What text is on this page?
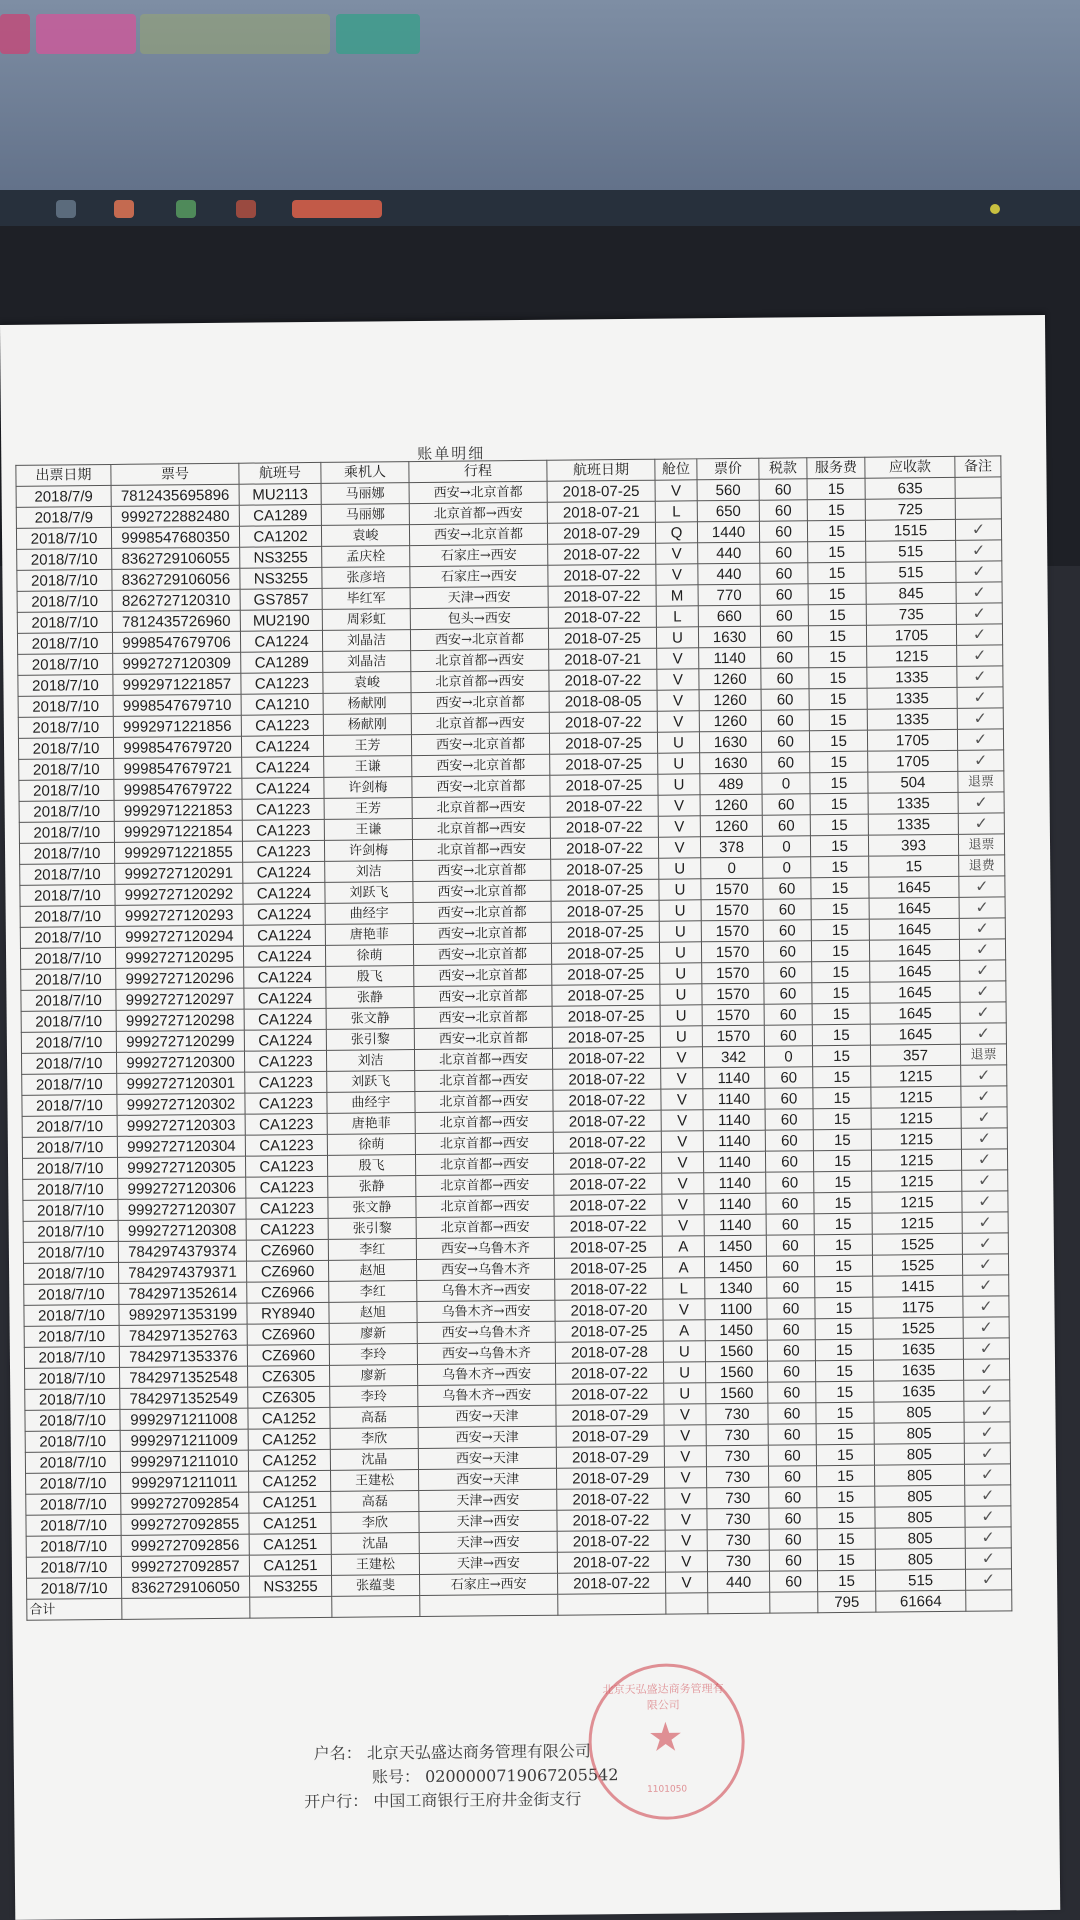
账单明细
出票日期	票号	航班号	乘机人	行程	航班日期	舱位	票价	税款	服务费	应收款	备注
2018/7/9	7812435695896	MU2113	马丽娜	西安→北京首都	2018-07-25	V	560	60	15	635	
2018/7/9	9992722882480	CA1289	马丽娜	北京首都→西安	2018-07-21	L	650	60	15	725	
2018/7/10	9998547680350	CA1202	袁峻	西安→北京首都	2018-07-29	Q	1440	60	15	1515	✓
2018/7/10	8362729106055	NS3255	孟庆栓	石家庄→西安	2018-07-22	V	440	60	15	515	✓
2018/7/10	8362729106056	NS3255	张彦培	石家庄→西安	2018-07-22	V	440	60	15	515	✓
2018/7/10	8262727120310	GS7857	毕红军	天津→西安	2018-07-22	M	770	60	15	845	✓
2018/7/10	7812435726960	MU2190	周彩虹	包头→西安	2018-07-22	L	660	60	15	735	✓
2018/7/10	9998547679706	CA1224	刘晶洁	西安→北京首都	2018-07-25	U	1630	60	15	1705	✓
2018/7/10	9992727120309	CA1289	刘晶洁	北京首都→西安	2018-07-21	V	1140	60	15	1215	✓
2018/7/10	9992971221857	CA1223	袁峻	北京首都→西安	2018-07-22	V	1260	60	15	1335	✓
2018/7/10	9998547679710	CA1210	杨献刚	西安→北京首都	2018-08-05	V	1260	60	15	1335	✓
2018/7/10	9992971221856	CA1223	杨献刚	北京首都→西安	2018-07-22	V	1260	60	15	1335	✓
2018/7/10	9998547679720	CA1224	王芳	西安→北京首都	2018-07-25	U	1630	60	15	1705	✓
2018/7/10	9998547679721	CA1224	王谦	西安→北京首都	2018-07-25	U	1630	60	15	1705	✓
2018/7/10	9998547679722	CA1224	许剑梅	西安→北京首都	2018-07-25	U	489	0	15	504	退票
2018/7/10	9992971221853	CA1223	王芳	北京首都→西安	2018-07-22	V	1260	60	15	1335	✓
2018/7/10	9992971221854	CA1223	王谦	北京首都→西安	2018-07-22	V	1260	60	15	1335	✓
2018/7/10	9992971221855	CA1223	许剑梅	北京首都→西安	2018-07-22	V	378	0	15	393	退票
2018/7/10	9992727120291	CA1224	刘洁	西安→北京首都	2018-07-25	U	0	0	15	15	退费
2018/7/10	9992727120292	CA1224	刘跃飞	西安→北京首都	2018-07-25	U	1570	60	15	1645	✓
2018/7/10	9992727120293	CA1224	曲经宇	西安→北京首都	2018-07-25	U	1570	60	15	1645	✓
2018/7/10	9992727120294	CA1224	唐艳菲	西安→北京首都	2018-07-25	U	1570	60	15	1645	✓
2018/7/10	9992727120295	CA1224	徐萌	西安→北京首都	2018-07-25	U	1570	60	15	1645	✓
2018/7/10	9992727120296	CA1224	殷飞	西安→北京首都	2018-07-25	U	1570	60	15	1645	✓
2018/7/10	9992727120297	CA1224	张静	西安→北京首都	2018-07-25	U	1570	60	15	1645	✓
2018/7/10	9992727120298	CA1224	张文静	西安→北京首都	2018-07-25	U	1570	60	15	1645	✓
2018/7/10	9992727120299	CA1224	张引黎	西安→北京首都	2018-07-25	U	1570	60	15	1645	✓
2018/7/10	9992727120300	CA1223	刘洁	北京首都→西安	2018-07-22	V	342	0	15	357	退票
2018/7/10	9992727120301	CA1223	刘跃飞	北京首都→西安	2018-07-22	V	1140	60	15	1215	✓
2018/7/10	9992727120302	CA1223	曲经宇	北京首都→西安	2018-07-22	V	1140	60	15	1215	✓
2018/7/10	9992727120303	CA1223	唐艳菲	北京首都→西安	2018-07-22	V	1140	60	15	1215	✓
2018/7/10	9992727120304	CA1223	徐萌	北京首都→西安	2018-07-22	V	1140	60	15	1215	✓
2018/7/10	9992727120305	CA1223	殷飞	北京首都→西安	2018-07-22	V	1140	60	15	1215	✓
2018/7/10	9992727120306	CA1223	张静	北京首都→西安	2018-07-22	V	1140	60	15	1215	✓
2018/7/10	9992727120307	CA1223	张文静	北京首都→西安	2018-07-22	V	1140	60	15	1215	✓
2018/7/10	9992727120308	CA1223	张引黎	北京首都→西安	2018-07-22	V	1140	60	15	1215	✓
2018/7/10	7842974379374	CZ6960	李红	西安→乌鲁木齐	2018-07-25	A	1450	60	15	1525	✓
2018/7/10	7842974379371	CZ6960	赵旭	西安→乌鲁木齐	2018-07-25	A	1450	60	15	1525	✓
2018/7/10	7842971352614	CZ6966	李红	乌鲁木齐→西安	2018-07-22	L	1340	60	15	1415	✓
2018/7/10	9892971353199	RY8940	赵旭	乌鲁木齐→西安	2018-07-20	V	1100	60	15	1175	✓
2018/7/10	7842971352763	CZ6960	廖新	西安→乌鲁木齐	2018-07-25	A	1450	60	15	1525	✓
2018/7/10	7842971353376	CZ6960	李玲	西安→乌鲁木齐	2018-07-28	U	1560	60	15	1635	✓
2018/7/10	7842971352548	CZ6305	廖新	乌鲁木齐→西安	2018-07-22	U	1560	60	15	1635	✓
2018/7/10	7842971352549	CZ6305	李玲	乌鲁木齐→西安	2018-07-22	U	1560	60	15	1635	✓
2018/7/10	9992971211008	CA1252	高磊	西安→天津	2018-07-29	V	730	60	15	805	✓
2018/7/10	9992971211009	CA1252	李欣	西安→天津	2018-07-29	V	730	60	15	805	✓
2018/7/10	9992971211010	CA1252	沈晶	西安→天津	2018-07-29	V	730	60	15	805	✓
2018/7/10	9992971211011	CA1252	王建松	西安→天津	2018-07-29	V	730	60	15	805	✓
2018/7/10	9992727092854	CA1251	高磊	天津→西安	2018-07-22	V	730	60	15	805	✓
2018/7/10	9992727092855	CA1251	李欣	天津→西安	2018-07-22	V	730	60	15	805	✓
2018/7/10	9992727092856	CA1251	沈晶	天津→西安	2018-07-22	V	730	60	15	805	✓
2018/7/10	9992727092857	CA1251	王建松	天津→西安	2018-07-22	V	730	60	15	805	✓
2018/7/10	8362729106050	NS3255	张蕴斐	石家庄→西安	2018-07-22	V	440	60	15	515	✓
合计									795	61664	
户名： 北京天弘盛达商务管理有限公司
账号： 0200000719067205542
开户行： 中国工商银行王府井金街支行
北京天弘盛达商务管理有限公司
★
1101050
